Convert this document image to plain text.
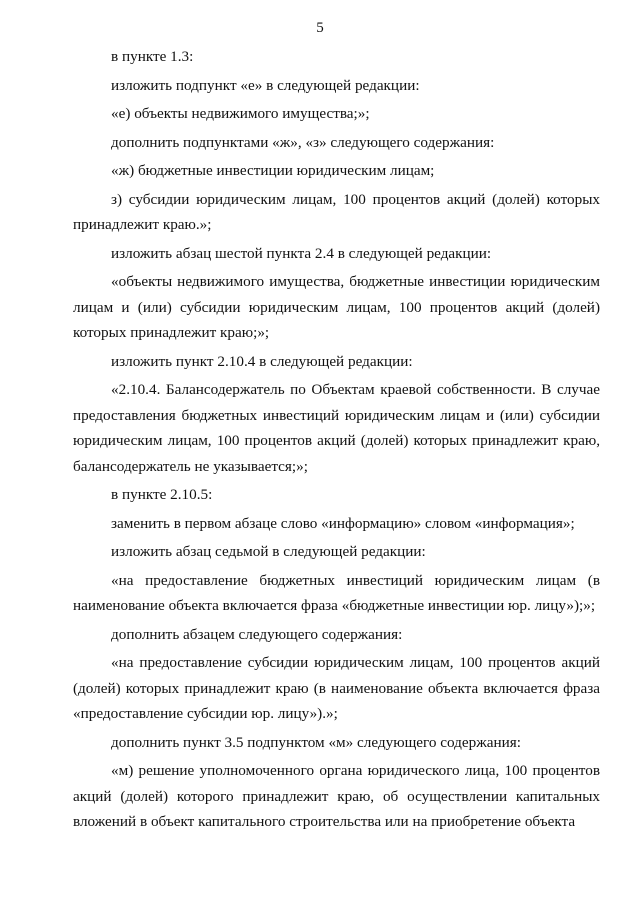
5

в пункте 1.3:

изложить подпункт «е» в следующей редакции:

«е) объекты недвижимого имущества;»;

дополнить подпунктами «ж», «з» следующего содержания:

«ж) бюджетные инвестиции юридическим лицам;

з) субсидии юридическим лицам, 100 процентов акций (долей) которых принадлежит краю.»;

изложить абзац шестой пункта 2.4 в следующей редакции:

«объекты недвижимого имущества, бюджетные инвестиции юридическим лицам и (или) субсидии юридическим лицам, 100 процентов акций (долей) которых принадлежит краю;»;

изложить пункт 2.10.4 в следующей редакции:

«2.10.4. Балансодержатель по Объектам краевой собственности. В случае предоставления бюджетных инвестиций юридическим лицам и (или) субсидии юридическим лицам, 100 процентов акций (долей) которых принадлежит краю, балансодержатель не указывается;»;

в пункте 2.10.5:

заменить в первом абзаце слово «информацию» словом «информация»;

изложить абзац седьмой в следующей редакции:

«на предоставление бюджетных инвестиций юридическим лицам (в наименование объекта включается фраза «бюджетные инвестиции юр. лицу»);»;

дополнить абзацем следующего содержания:

«на предоставление субсидии юридическим лицам, 100 процентов акций (долей) которых принадлежит краю (в наименование объекта включается фраза «предоставление субсидии юр. лицу»).»;

дополнить пункт 3.5 подпунктом «м» следующего содержания:

«м) решение уполномоченного органа юридического лица, 100 процентов акций (долей) которого принадлежит краю, об осуществлении капитальных вложений в объект капитального строительства или на приобретение объекта
